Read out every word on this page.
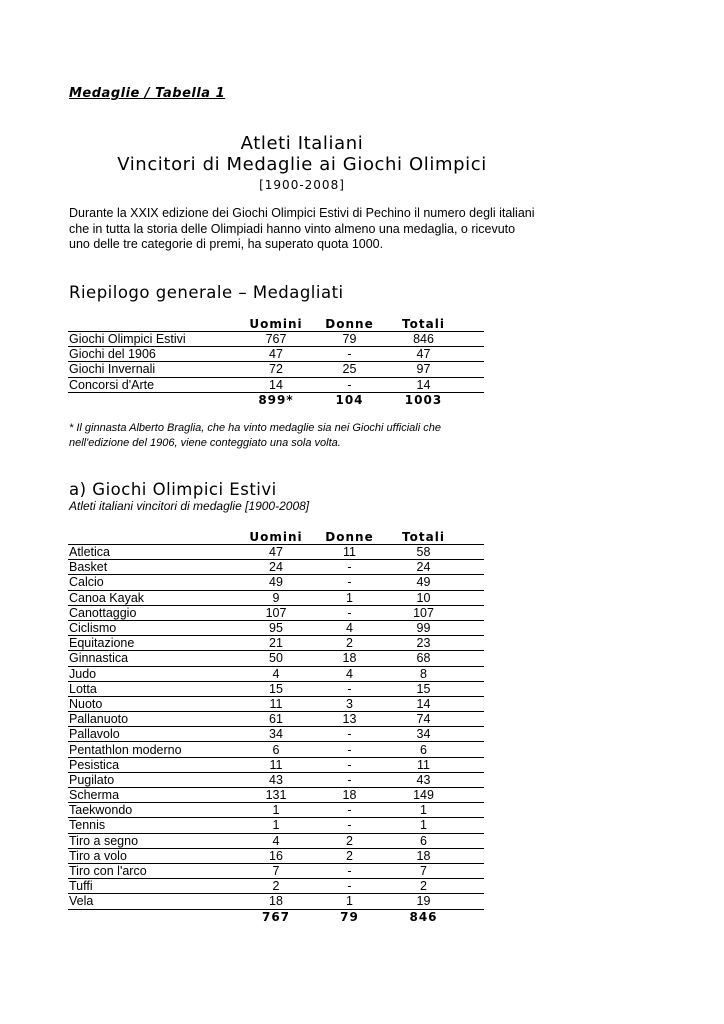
Medaglie / Tabella 1
Atleti Italiani
Vincitori di Medaglie ai Giochi Olimpici
[1900-2008]

Durante la XXIX edizione dei Giochi Olimpici Estivi di Pechino il numero degli italiani che in tutta la storia delle Olimpiadi hanno vinto almeno una medaglia, o ricevuto uno delle tre categorie di premi, ha superato quota 1000.

Riepilogo generale – Medagliati
	Uomini	Donne	Totali	
Giochi Olimpici Estivi	767	79	846	
Giochi del 1906	47	-	47	
Giochi Invernali	72	25	97	
Concorsi d'Arte	14	-	14	
	899*	104	1003	

* Il ginnasta Alberto Braglia, che ha vinto medaglie sia nei Giochi ufficiali che nell'edizione del 1906, viene conteggiato una sola volta.

a) Giochi Olimpici Estivi
Atleti italiani vincitori di medaglie [1900-2008]
	Uomini	Donne	Totali	
Atletica	47	11	58	
Basket	24	-	24	
Calcio	49	-	49	
Canoa Kayak	9	1	10	
Canottaggio	107	-	107	
Ciclismo	95	4	99	
Equitazione	21	2	23	
Ginnastica	50	18	68	
Judo	4	4	8	
Lotta	15	-	15	
Nuoto	11	3	14	
Pallanuoto	61	13	74	
Pallavolo	34	-	34	
Pentathlon moderno	6	-	6	
Pesistica	11	-	11	
Pugilato	43	-	43	
Scherma	131	18	149	
Taekwondo	1	-	1	
Tennis	1	-	1	
Tiro a segno	4	2	6	
Tiro a volo	16	2	18	
Tiro con l'arco	7	-	7	
Tuffi	2	-	2	
Vela	18	1	19	
	767	79	846	
